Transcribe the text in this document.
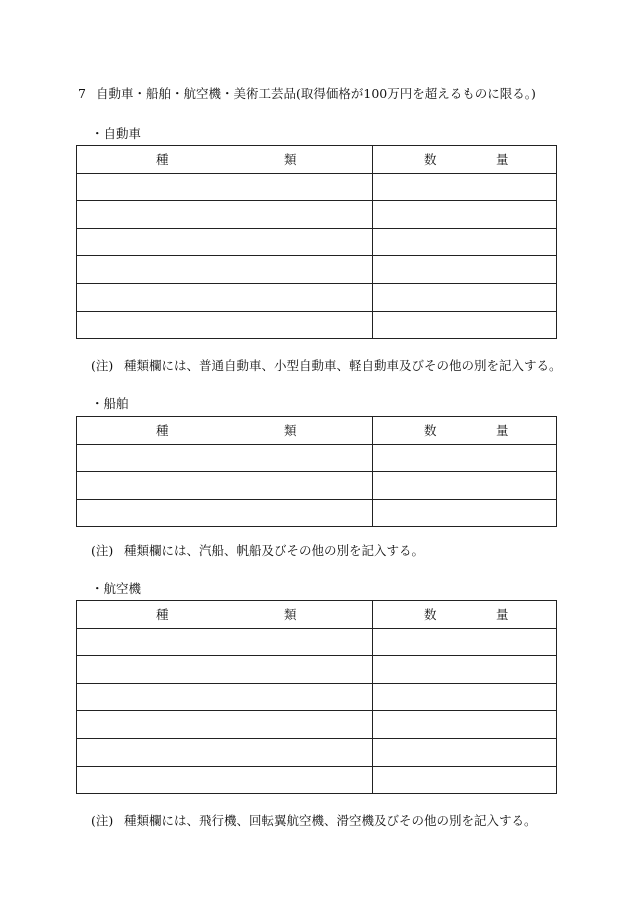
7 自動車・船舶・航空機・美術工芸品(取得価格が100万円を超えるものに限る。)
・自動車
種 類	数 量

(注) 種類欄には、普通自動車、小型自動車、軽自動車及びその他の別を記入する。
・船舶
種 類	数 量

(注) 種類欄には、汽船、帆船及びその他の別を記入する。
・航空機
種 類	数 量

(注) 種類欄には、飛行機、回転翼航空機、滑空機及びその他の別を記入する。
